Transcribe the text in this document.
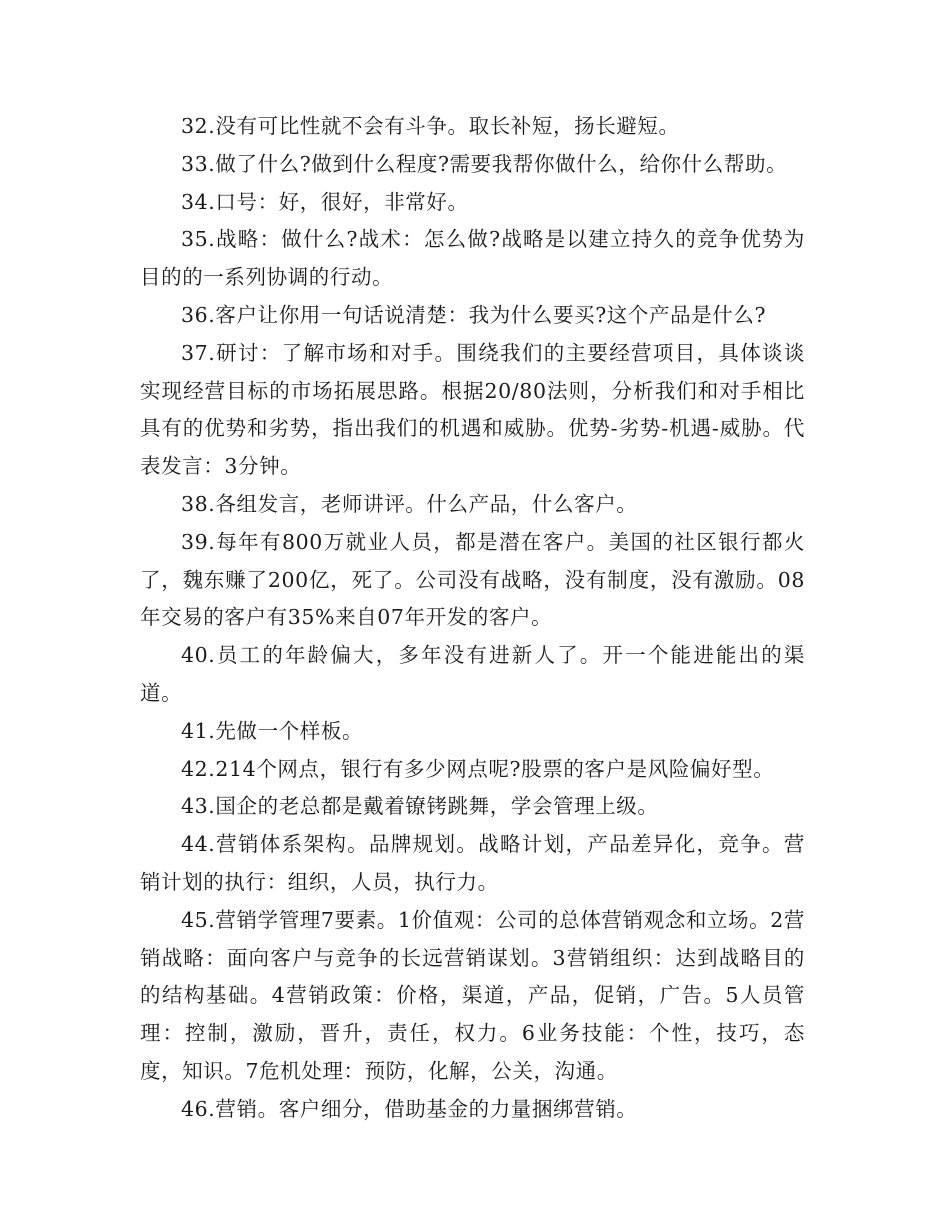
32.没有可比性就不会有斗争。取长补短，扬长避短。

33.做了什么?做到什么程度?需要我帮你做什么，给你什么帮助。

34.口号：好，很好，非常好。

35.战略：做什么?战术：怎么做?战略是以建立持久的竞争优势为目的的一系列协调的行动。

36.客户让你用一句话说清楚：我为什么要买?这个产品是什么?

37.研讨：了解市场和对手。围绕我们的主要经营项目，具体谈谈实现经营目标的市场拓展思路。根据20/80法则，分析我们和对手相比具有的优势和劣势，指出我们的机遇和威胁。优势-劣势-机遇-威胁。代表发言：3分钟。

38.各组发言，老师讲评。什么产品，什么客户。

39.每年有800万就业人员，都是潜在客户。美国的社区银行都火了，魏东赚了200亿，死了。公司没有战略，没有制度，没有激励。08年交易的客户有35%来自07年开发的客户。

40.员工的年龄偏大，多年没有进新人了。开一个能进能出的渠道。

41.先做一个样板。

42.214个网点，银行有多少网点呢?股票的客户是风险偏好型。

43.国企的老总都是戴着镣铐跳舞，学会管理上级。

44.营销体系架构。品牌规划。战略计划，产品差异化，竞争。营销计划的执行：组织，人员，执行力。

45.营销学管理7要素。1价值观：公司的总体营销观念和立场。2营销战略：面向客户与竞争的长远营销谋划。3营销组织：达到战略目的的结构基础。4营销政策：价格，渠道，产品，促销，广告。5人员管理：控制，激励，晋升，责任，权力。6业务技能：个性，技巧，态度，知识。7危机处理：预防，化解，公关，沟通。

46.营销。客户细分，借助基金的力量捆绑营销。
